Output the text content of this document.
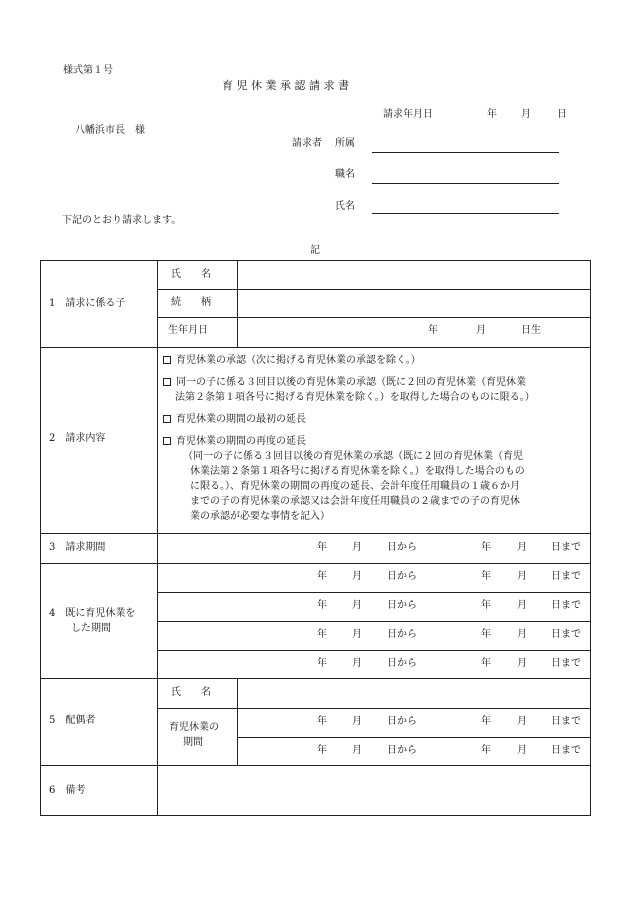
様式第１号
育 児 休 業 承 認 請 求 書
請求年月日	年 月	日
八幡浜市長　様
請求者 所属
職名
氏名
下記のとおり請求します。
記
1　請求に係る子
氏　　名
続　　柄
生年月日	年	月	日生
2　請求内容
育児休業の承認（次に掲げる育児休業の承認を除く。）
同一の子に係る３回目以後の育児休業の承認（既に２回の育児休業（育児休業
法第２条第１項各号に掲げる育児休業を除く。）を取得した場合のものに限る。）
育児休業の期間の最初の延長
育児休業の期間の再度の延長
（同一の子に係る３回目以後の育児休業の承認（既に２回の育児休業（育児
休業法第２条第１項各号に掲げる育児休業を除く。）を取得した場合のもの
に限る。）、育児休業の期間の再度の延長、会計年度任用職員の１歳６か月
までの子の育児休業の承認又は会計年度任用職員の２歳までの子の育児休
業の承認が必要な事情を記入）
3　請求期間	年	月	日から	年	月 日まで
4　既に育児休業を
した期間
年	月	日から	年	月 日まで
年	月	日から	年	月 日まで
年	月	日から	年	月 日まで
年	月	日から	年	月 日まで
5　配偶者
氏　　名
育児休業の
期間
年	月	日から	年	月 日まで
年	月	日から	年	月 日まで
6　備考
